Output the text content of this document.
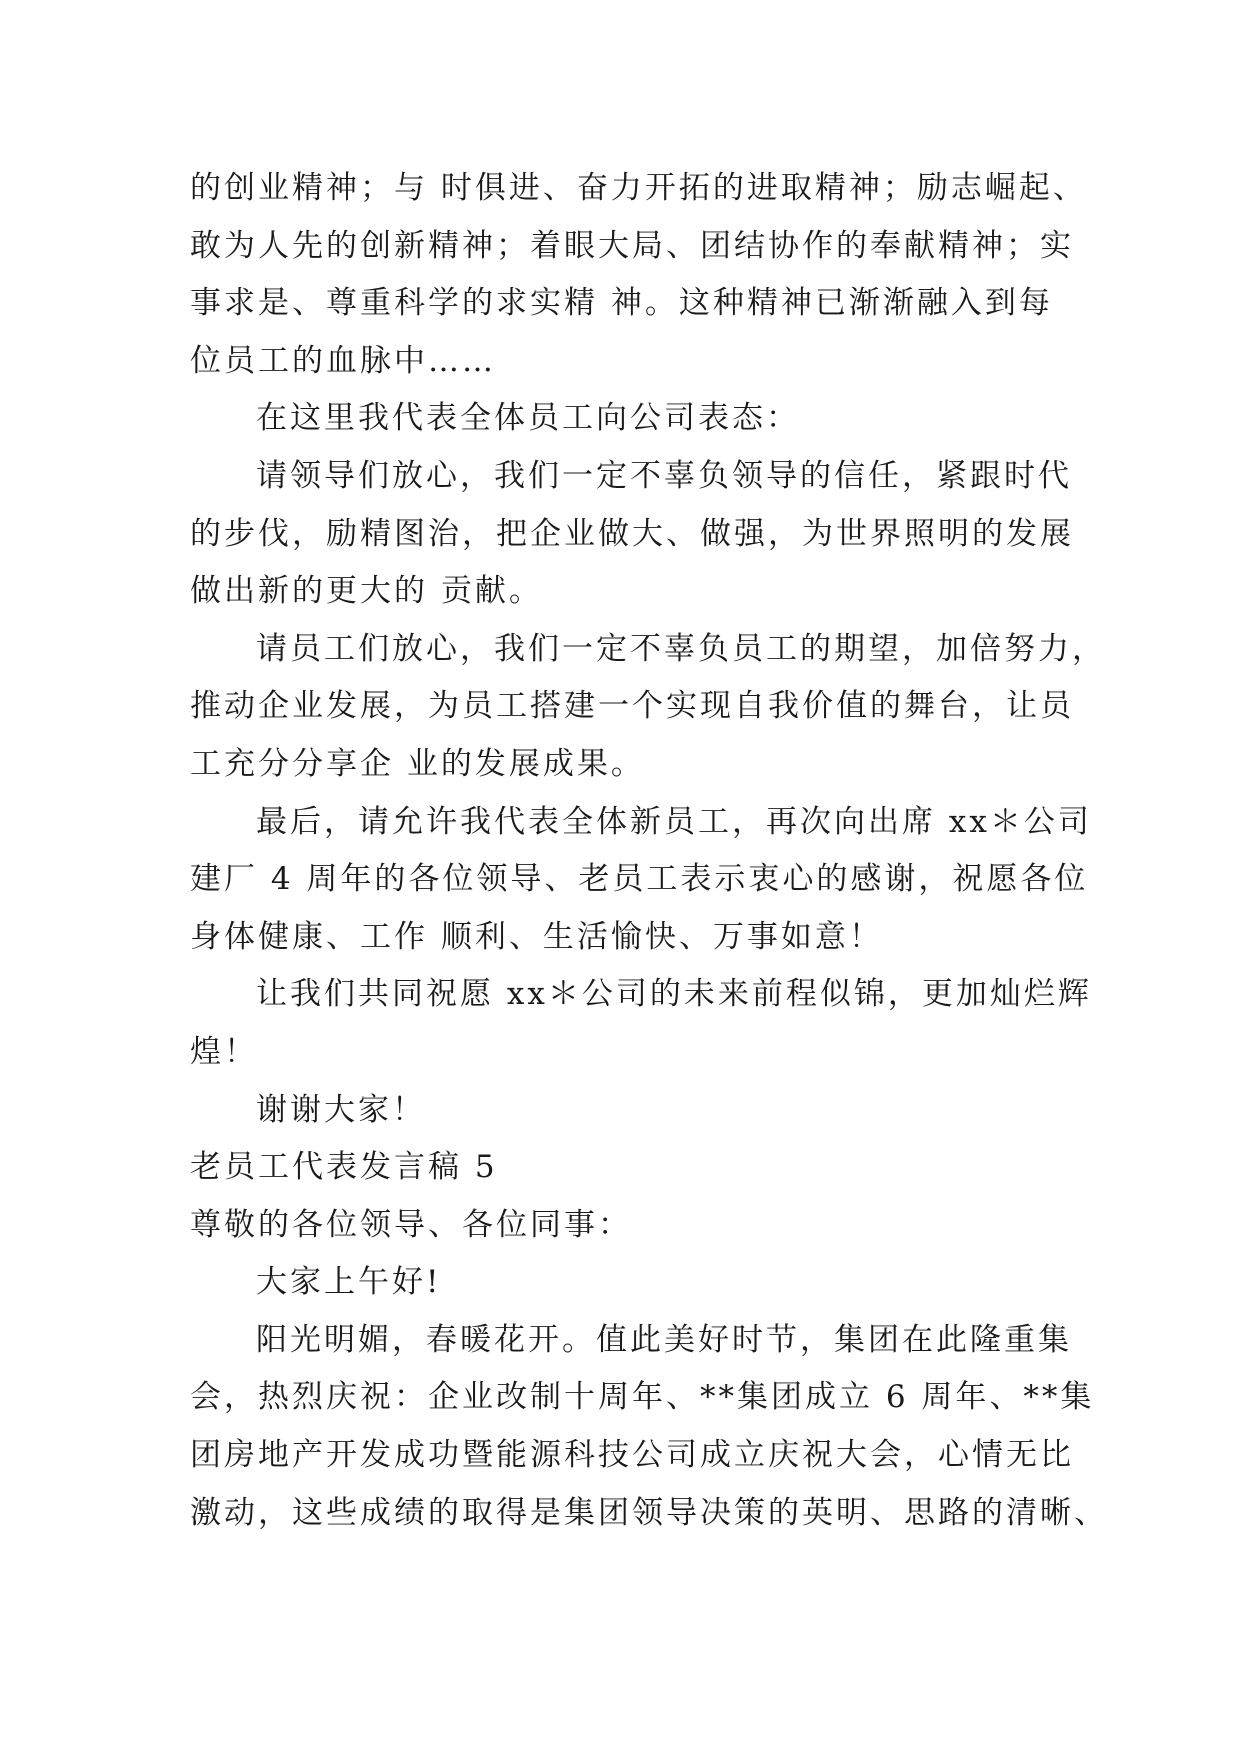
的创业精神；与 时俱进、奋力开拓的进取精神；励志崛起、
敢为人先的创新精神；着眼大局、团结协作的奉献精神；实
事求是、尊重科学的求实精 神。这种精神已渐渐融入到每
位员工的血脉中……
在这里我代表全体员工向公司表态：
请领导们放心，我们一定不辜负领导的信任，紧跟时代
的步伐，励精图治，把企业做大、做强，为世界照明的发展
做出新的更大的 贡献。
请员工们放心，我们一定不辜负员工的期望，加倍努力，
推动企业发展，为员工搭建一个实现自我价值的舞台，让员
工充分分享企 业的发展成果。
最后，请允许我代表全体新员工，再次向出席 xx＊公司
建厂 4 周年的各位领导、老员工表示衷心的感谢，祝愿各位
身体健康、工作 顺利、生活愉快、万事如意！
让我们共同祝愿 xx＊公司的未来前程似锦，更加灿烂辉
煌！
谢谢大家！
老员工代表发言稿 5
尊敬的各位领导、各位同事：
大家上午好!
阳光明媚，春暖花开。值此美好时节，集团在此隆重集
会，热烈庆祝：企业改制十周年、**集团成立 6 周年、**集
团房地产开发成功暨能源科技公司成立庆祝大会，心情无比
激动，这些成绩的取得是集团领导决策的英明、思路的清晰、
